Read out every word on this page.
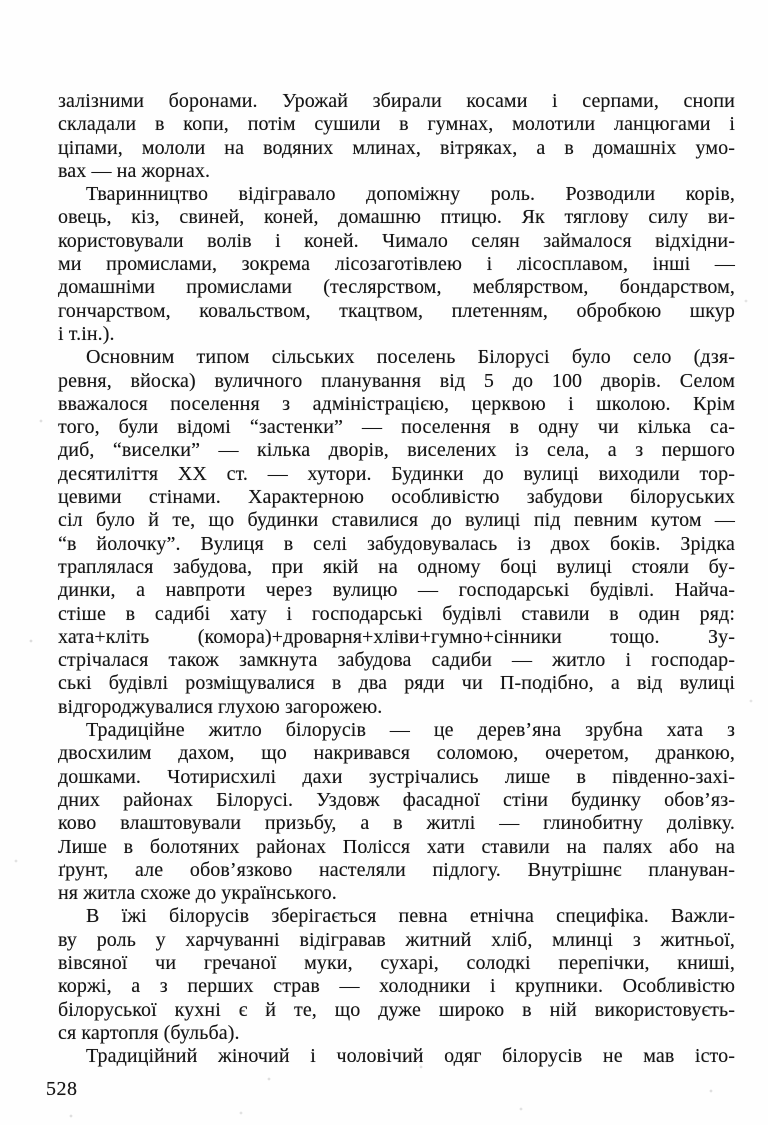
залізними боронами. Урожай збирали косами і серпами, снопи
складали в копи, потім сушили в гумнах, молотили ланцюгами і
ціпами, мололи на водяних млинах, вітряках, а в домашніх умо-
вах — на жорнах.
Тваринництво відігравало допоміжну роль. Розводили корів,
овець, кіз, свиней, коней, домашню птицю. Як тяглову силу ви-
користовували волів і коней. Чимало селян займалося відхідни-
ми промислами, зокрема лісозаготівлею і лісосплавом, інші —
домашніми промислами (теслярством, меблярством, бондарством,
гончарством, ковальством, ткацтвом, плетенням, обробкою шкур
і т.ін.).
Основним типом сільських поселень Білорусі було село (дзя-
ревня, вйоска) вуличного планування від 5 до 100 дворів. Селом
вважалося поселення з адміністрацією, церквою і школою. Крім
того, були відомі “застенки” — поселення в одну чи кілька са-
диб, “виселки” — кілька дворів, виселених із села, а з першого
десятиліття XX ст. — хутори. Будинки до вулиці виходили тор-
цевими стінами. Характерною особливістю забудови білоруських
сіл було й те, що будинки ставилися до вулиці під певним кутом —
“в йолочку”. Вулиця в селі забудовувалась із двох боків. Зрідка
траплялася забудова, при якій на одному боці вулиці стояли бу-
динки, а навпроти через вулицю — господарські будівлі. Найча-
стіше в садибі хату і господарські будівлі ставили в один ряд:
хата+кліть (комора)+дроварня+хліви+гумно+сінники тощо. Зу-
стрічалася також замкнута забудова садиби — житло і господар-
ські будівлі розміщувалися в два ряди чи П-подібно, а від вулиці
відгороджувалися глухою загорожею.
Традиційне житло білорусів — це дерев’яна зрубна хата з
двосхилим дахом, що накривався соломою, очеретом, дранкою,
дошками. Чотирисхилі дахи зустрічались лише в південно-захі-
дних районах Білорусі. Уздовж фасадної стіни будинку обов’яз-
ково влаштовували призьбу, а в житлі — глинобитну долівку.
Лише в болотяних районах Полісся хати ставили на палях або на
ґрунт, але обов’язково настеляли підлогу. Внутрішнє плануван-
ня житла схоже до українського.
В їжі білорусів зберігається певна етнічна специфіка. Важли-
ву роль у харчуванні відігравав житний хліб, млинці з житньої,
вівсяної чи гречаної муки, сухарі, солодкі перепічки, книші,
коржі, а з перших страв — холодники і крупники. Особливістю
білоруської кухні є й те, що дуже широко в ній використовуєть-
ся картопля (бульба).
Традиційний жіночий і чоловічий одяг білорусів не мав істо-
528
